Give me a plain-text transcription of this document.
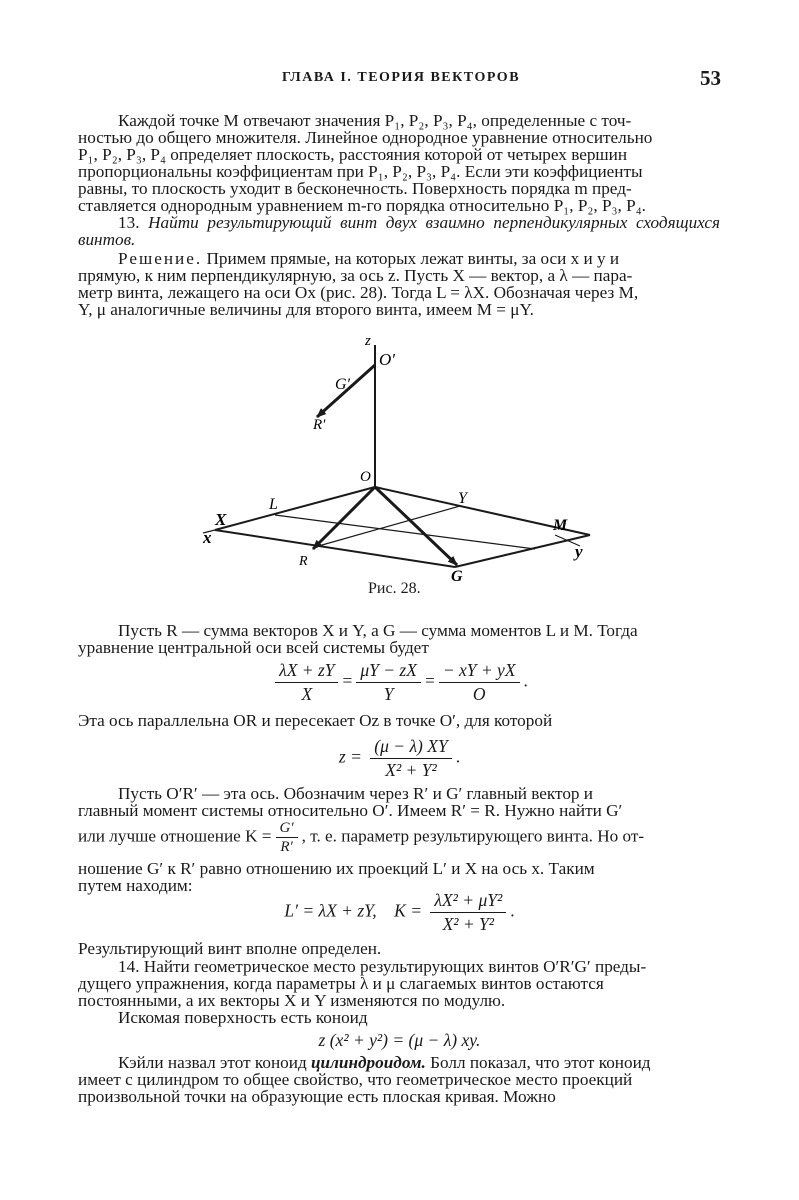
ГЛАВА I. ТЕОРИЯ ВЕКТОРОВ	53

Каждой точке M отвечают значения P₁, P₂, P₃, P₄, определенные с точ-

ностью до общего множителя. Линейное однородное уравнение относительно

P₁, P₂, P₃, P₄ определяет плоскость, расстояния которой от четырех вершин

пропорциональны коэффициентам при P₁, P₂, P₃, P₄. Если эти коэффициенты

равны, то плоскость уходит в бесконечность. Поверхность порядка m пред-

ставляется однородным уравнением m-го порядка относительно P₁, P₂, P₃, P₄.

13. Найти результирующий винт двух взаимно перпендикулярных сходящихся винтов.

Решение. Примем прямые, на которых лежат винты, за оси x и y и

прямую, к ним перпендикулярную, за ось z. Пусть X — вектор, а λ — пара-

метр винта, лежащего на оси Ox (рис. 28). Тогда L = λX. Обозначая через M,

Y, μ аналогичные величины для второго винта, имеем M = μY.

z
O′
G′
R′
O
X
x
L	Y
M
y
R
G
Рис. 28.

Пусть R — сумма векторов X и Y, а G — сумма моментов L и M. Тогда

уравнение центральной оси всей системы будет

$\frac{\lambda X + zY}{X} = \frac{\mu Y - zX}{Y} = \frac{- xY + yX}{O}$ .

Эта ось параллельна OR и пересекает Oz в точке O′, для которой

$z = \frac{(\mu - \lambda) XY}{\text{X² + Y²}}$ .

Пусть O′R′ — эта ось. Обозначим через R′ и G′ главный вектор и

главный момент системы относительно O′. Имеем R′ = R. Нужно найти G′

или лучше отношение $K = \frac{G'}{R'}$ , т. е. параметр результирующего винта. Но от-

ношение G′ к R′ равно отношению их проекций L′ и X на ось x. Таким

путем находим:

L′ = λX + zY, $K = \frac{\text{λX² + μY²}}{\text{X² + Y²}}$ .

Результирующий винт вполне определен.

14. Найти геометрическое место результирующих винтов O′R′G′ преды-

дущего упражнения, когда параметры λ и μ слагаемых винтов остаются

постоянными, а их векторы X и Y изменяются по модулю.

Искомая поверхность есть коноид

z (x² + y²) = (μ − λ) xy.

Кэйли назвал этот коноид цилиндроидом. Болл показал, что этот коноид

имеет с цилиндром то общее свойство, что геометрическое место проекций

произвольной точки на образующие есть плоская кривая. Можно
